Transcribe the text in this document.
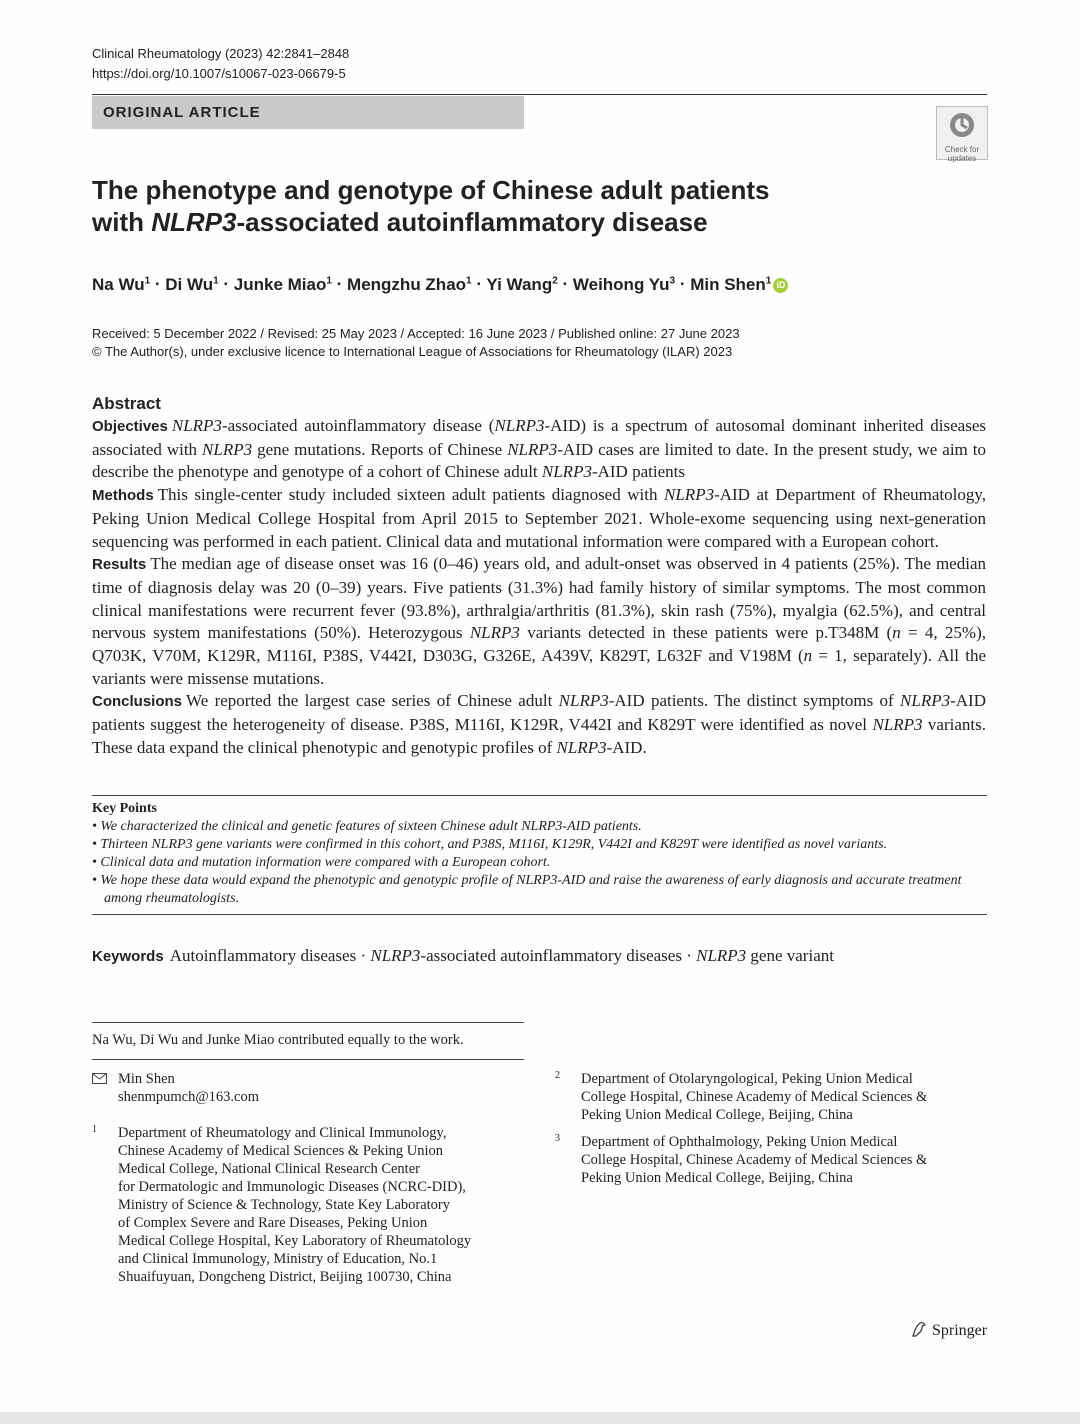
Clinical Rheumatology (2023) 42:2841–2848
https://doi.org/10.1007/s10067-023-06679-5
ORIGINAL ARTICLE
Check for
updates
The phenotype and genotype of Chinese adult patients
with NLRP3-associated autoinflammatory disease
Na $Wu^1 \cdot Di$ $Wu^1$ · Junke Miao$^1$ · Mengzhu Zhao$^1$ · Yi Wang$^2$ · Weihong $Yu^3$ · Min Shen$^1$ iD
Received: 5 December 2022 / Revised: 25 May 2023 / Accepted: 16 June 2023 / Published online: 27 June 2023
© The Author(s), under exclusive licence to International League of Associations for Rheumatology (ILAR) 2023
Abstract

Objectives NLRP3-associated autoinflammatory disease (NLRP3-AID) is a spectrum of autosomal dominant inherited diseases associated with NLRP3 gene mutations. Reports of Chinese NLRP3-AID cases are limited to date. In the present study, we aim to describe the phenotype and genotype of a cohort of Chinese adult NLRP3-AID patients

Methods This single-center study included sixteen adult patients diagnosed with NLRP3-AID at Department of Rheumatology, Peking Union Medical College Hospital from April 2015 to September 2021. Whole-exome sequencing using next-generation sequencing was performed in each patient. Clinical data and mutational information were compared with a European cohort.

Results The median age of disease onset was 16 (0–46) years old, and adult-onset was observed in 4 patients (25%). The median time of diagnosis delay was 20 (0–39) years. Five patients (31.3%) had family history of similar symptoms. The most common clinical manifestations were recurrent fever (93.8%), arthralgia/arthritis (81.3%), skin rash (75%), myalgia (62.5%), and central nervous system manifestations (50%). Heterozygous NLRP3 variants detected in these patients were p.T348M (n = 4, 25%), Q703K, V70M, K129R, M116I, P38S, V442I, D303G, G326E, A439V, K829T, L632F and V198M (n = 1, separately). All the variants were missense mutations.

Conclusions We reported the largest case series of Chinese adult NLRP3-AID patients. The distinct symptoms of NLRP3-AID patients suggest the heterogeneity of disease. P38S, M116I, K129R, V442I and K829T were identified as novel NLRP3 variants. These data expand the clinical phenotypic and genotypic profiles of NLRP3-AID.

Key Points
• We characterized the clinical and genetic features of sixteen Chinese adult NLRP3-AID patients.
• Thirteen NLRP3 gene variants were confirmed in this cohort, and P38S, M116I, K129R, V442I and K829T were identified as novel variants.
• Clinical data and mutation information were compared with a European cohort.
• We hope these data would expand the phenotypic and genotypic profile of NLRP3-AID and raise the awareness of early diagnosis and accurate treatment among rheumatologists.
Keywords Autoinflammatory diseases · NLRP3-associated autoinflammatory diseases · NLRP3 gene variant
Na Wu, Di Wu and Junke Miao contributed equally to the work.
Min Shen
shenmpumch@163.com
1 Department of Rheumatology and Clinical Immunology,
Chinese Academy of Medical Sciences & Peking Union
Medical College, National Clinical Research Center
for Dermatologic and Immunologic Diseases (NCRC-DID),
Ministry of Science & Technology, State Key Laboratory
of Complex Severe and Rare Diseases, Peking Union
Medical College Hospital, Key Laboratory of Rheumatology
and Clinical Immunology, Ministry of Education, No.1
Shuaifuyuan, Dongcheng District, Beijing 100730, China
2 Department of Otolaryngological, Peking Union Medical
College Hospital, Chinese Academy of Medical Sciences &
Peking Union Medical College, Beijing, China
3 Department of Ophthalmology, Peking Union Medical
College Hospital, Chinese Academy of Medical Sciences &
Peking Union Medical College, Beijing, China
Springer
